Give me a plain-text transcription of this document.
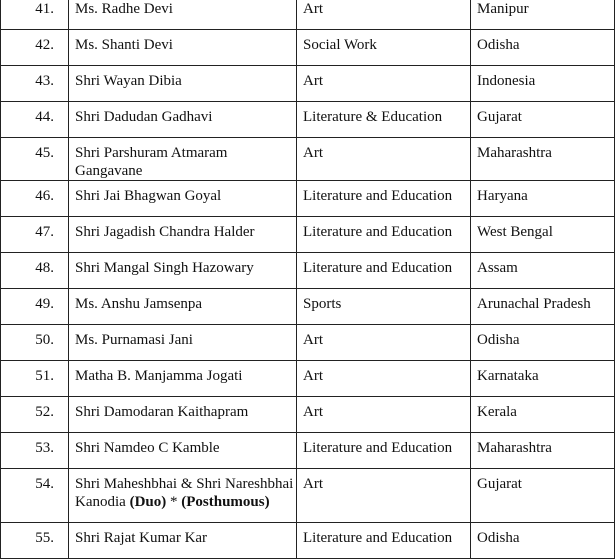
41.	Ms. Radhe Devi	Art	Manipur
42.	Ms. Shanti Devi	Social Work	Odisha
43.	Shri Wayan Dibia	Art	Indonesia
44.	Shri Dadudan Gadhavi	Literature & Education	Gujarat
45.	Shri Parshuram Atmaram Gangavane	Art	Maharashtra
46.	Shri Jai Bhagwan Goyal	Literature and Education	Haryana
47.	Shri Jagadish Chandra Halder	Literature and Education	West Bengal
48.	Shri Mangal Singh Hazowary	Literature and Education	Assam
49.	Ms. Anshu Jamsenpa	Sports	Arunachal Pradesh
50.	Ms. Purnamasi Jani	Art	Odisha
51.	Matha B. Manjamma Jogati	Art	Karnataka
52.	Shri Damodaran Kaithapram	Art	Kerala
53.	Shri Namdeo C Kamble	Literature and Education	Maharashtra
54.	Shri Maheshbhai & Shri Nareshbhai Kanodia (Duo) * (Posthumous)	Art	Gujarat
55.	Shri Rajat Kumar Kar	Literature and Education	Odisha
